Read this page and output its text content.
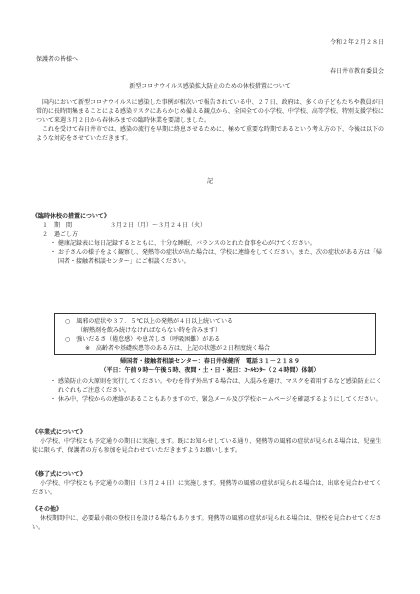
令和２年２月２８日
保護者の皆様へ
春日井市教育委員会
新型コロナウイルス感染拡大防止のための休校措置について

国内において新型コロナウイルスに感染した事例が相次いで報告されている中、２７日、政府は、多くの子どもたちや教員が日常的に長時間集まることによる感染リスクにあらかじめ備える観点から、全国全ての小学校、中学校、高等学校、特別支援学校について来週３月２日から春休みまでの臨時休業を要請しました。

これを受けて春日井市では、感染の流行を早期に終息させるために、極めて重要な時期であるという考え方の下、今後は以下のような対応をさせていただきます。

記
《臨時休校の措置について》
１　期　間	３月２日（月）～３月２４日（火）
２　過ごし方
・ 健康記録表に毎日記録するとともに、十分な睡眠、バランスのとれた食事を心がけてください。
・ お子さんの様子をよく観察し、発熱等の症状が出た場合は、学校に連絡をしてください。また、次の症状がある方は「帰国者・接触者相談センター」にご相談ください。
○　風邪の症状や３７．５℃以上の発熱が４日以上続いている
（解熱剤を飲み続けなければならない時を含みます）
○　強いだるさ（倦怠感）や息苦しさ（呼吸困難）がある
※　高齢者や基礎疾患等のある方は、上記の状態が２日程度続く場合
帰国者・接触者相談センター：春日井保健所　電話３１－２１８９
（平日：午前９時～午後５時、夜間・土・日・祝日：ｺｰﾙｾﾝﾀｰ（２４時間）体制）
・ 感染防止の大原則を実行してください。やむを得ず外出する場合は、人混みを避け、マスクを着用するなど感染防止にくれぐれもご注意ください。
・ 休み中、学校からの連絡があることもありますので、緊急メール及び学校ホームページを確認するようにしてください。
《卒業式について》
小学校、中学校とも予定通りの期日に実施します。既にお知らせしている通り、発熱等の風邪の症状が見られる場合は、児童生徒に限らず、保護者の方も参加を見合わせていただきますようお願いします。
《修了式について》
小学校、中学校とも予定通りの期日（３月２４日）に実施します。発熱等の風邪の症状が見られる場合は、出席を見合わせてください。
《その他》
休校期間中に、必要最小限の登校日を設ける場合もあります。発熱等の風邪の症状が見られる場合は、登校を見合わせてください。
